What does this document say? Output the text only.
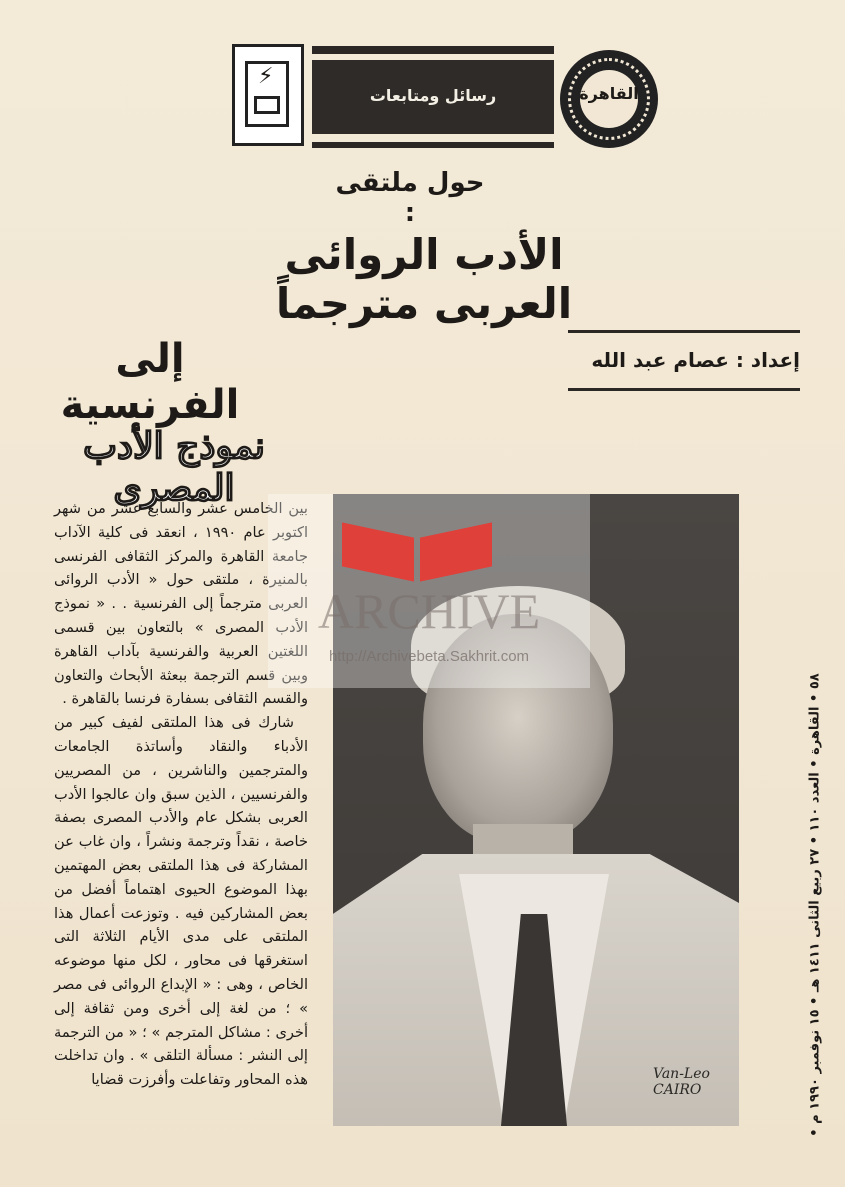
⚡
رسائل ومتابعات	القاهرة
حول ملتقى :
الأدب الروائى العربى مترجماً
إلى الفرنسية
نموذج الأدب المصرى
إعداد : عصام عبد الله

بين الخامس عشر والسابع عشر من شهر اكتوبر عام ١٩٩٠ ، انعقد فى كلية الآداب جامعة القاهرة والمركز الثقافى الفرنسى بالمنيرة ، ملتقى حول « الأدب الروائى العربى مترجماً إلى الفرنسية . . « نموذج الأدب المصرى » بالتعاون بين قسمى اللغتين العربية والفرنسية بآداب القاهرة وبين قسم الترجمة ببعثة الأبحاث والتعاون والقسم الثقافى بسفارة فرنسا بالقاهرة .

شارك فى هذا الملتقى لفيف كبير من الأدباء والنقاد وأساتذة الجامعات والمترجمين والناشرين ، من المصريين والفرنسيين ، الذين سبق وان عالجوا الأدب العربى بشكل عام والأدب المصرى بصفة خاصة ، نقداً وترجمة ونشراً ، وان غاب عن المشاركة فى هذا الملتقى بعض المهتمين بهذا الموضوع الحيوى اهتماماً أفضل من بعض المشاركين فيه . وتوزعت أعمال هذا الملتقى على مدى الأيام الثلاثة التى استغرقها فى محاور ، لكل منها موضوعه الخاص ، وهى : « الإبداع الروائى فى مصر » ؛ من لغة إلى أخرى ومن ثقافة إلى أخرى : مشاكل المترجم » ؛ « من الترجمة إلى النشر : مسألة التلقى » . وان تداخلت هذه المحاور وتفاعلت وأفرزت قضايا	Van-Leo CAIRO
ARCHIVE
http://Archivebeta.Sakhrit.com
٥٨ • القاهرة • العدد ١١٠ • ٢٧ ربيع الثانى ١٤١١ هـ • ١٥ نوفمبر ١٩٩٠ م •
